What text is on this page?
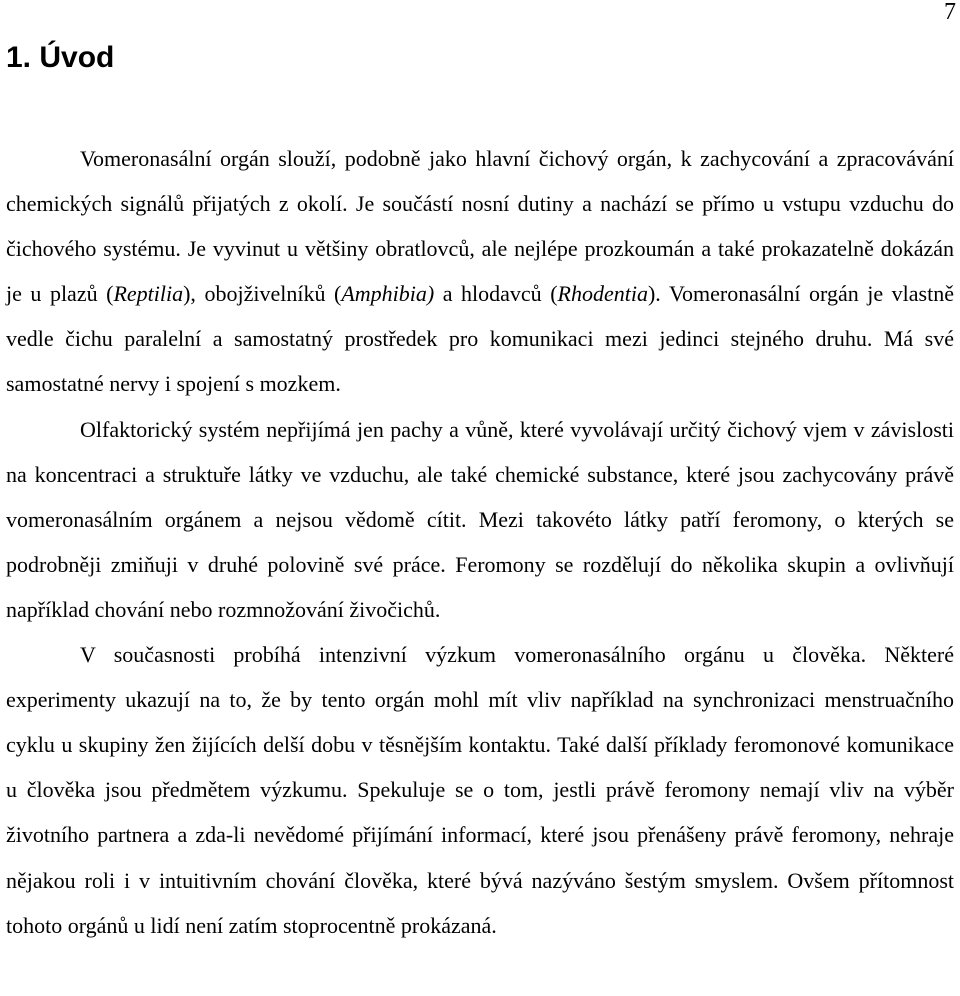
7
1. Úvod

Vomeronasální orgán slouží, podobně jako hlavní čichový orgán, k zachycování a zpracovávání chemických signálů přijatých z okolí. Je součástí nosní dutiny a nachází se přímo u vstupu vzduchu do čichového systému. Je vyvinut u většiny obratlovců, ale nejlépe prozkoumán a také prokazatelně dokázán je u plazů (Reptilia), obojživelníků (Amphibia) a hlodavců (Rhodentia). Vomeronasální orgán je vlastně vedle čichu paralelní a samostatný prostředek pro komunikaci mezi jedinci stejného druhu. Má své samostatné nervy i spojení s mozkem.

Olfaktorický systém nepřijímá jen pachy a vůně, které vyvolávají určitý čichový vjem v závislosti na koncentraci a struktuře látky ve vzduchu, ale také chemické substance, které jsou zachycovány právě vomeronasálním orgánem a nejsou vědomě cítit. Mezi takovéto látky patří feromony, o kterých se podrobněji zmiňuji v druhé polovině své práce. Feromony se rozdělují do několika skupin a ovlivňují například chování nebo rozmnožování živočichů.

V současnosti probíhá intenzivní výzkum vomeronasálního orgánu u člověka. Některé experimenty ukazují na to, že by tento orgán mohl mít vliv například na synchronizaci menstruačního cyklu u skupiny žen žijících delší dobu v těsnějším kontaktu. Také další příklady feromonové komunikace u člověka jsou předmětem výzkumu. Spekuluje se o tom, jestli právě feromony nemají vliv na výběr životního partnera a zda-li nevědomé přijímání informací, které jsou přenášeny právě feromony, nehraje nějakou roli i v intuitivním chování člověka, které bývá nazýváno šestým smyslem. Ovšem přítomnost tohoto orgánů u lidí není zatím stoprocentně prokázaná.
